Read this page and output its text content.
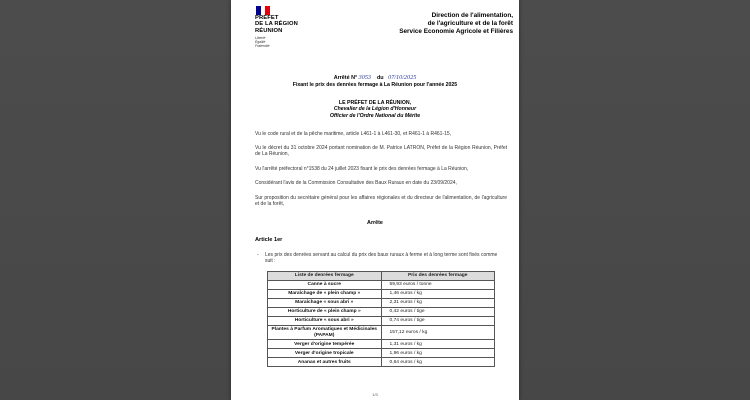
PRÉFET
DE LA RÉGION
RÉUNION
Liberté
Égalité
Fraternité
Direction de l'alimentation,
de l'agriculture et de la forêt
Service Economie Agricole et Filières
Arrêté N° 3053 du 07/10/2025
Fixant le prix des denrées fermage à La Réunion pour l'année 2025
LE PRÉFET DE LA RÉUNION,
Chevalier de la Légion d'Honneur
Officier de l'Ordre National du Mérite
Vu le code rural et de la pêche maritime, article L461-1 à L461-30, et R461-1 à R461-15,
Vu le décret du 31 octobre 2024 portant nomination de M. Patrice LATRON, Préfet de la Région Réunion, Préfet de La Réunion,
Vu l'arrêté préfectoral n°1538 du 24 juillet 2023 fixant le prix des denrées fermage à La Réunion,
Considérant l'avis de la Commission Consultative des Baux Ruraux en date du 23/09/2024,
Sur proposition du secrétaire général pour les affaires régionales et du directeur de l'alimentation, de l'agriculture et de la forêt,
Arrête
Article 1er
- Les prix des denrées servant au calcul du prix des baux ruraux à ferme et à long terme sont fixés comme suit :
Liste de denrées fermage	Prix des denrées fermage
Canne à sucre	59,93 euros / tonne
Maraîchage de « plein champ »	1,46 euros / kg
Maraîchage « sous abri »	2,31 euros / kg
Horticulture de « plein champ »	0,42 euros / tige
Horticulture « sous abri »	0,74 euros / tige
Plantes à Parfum Aromatiques et Médicinales (PAPAM)	157,12 euros / kg
Verger d'origine tempérée	1,31 euros / kg
Verger d'origine tropicale	1,96 euros / kg
Ananas et autres fruits	0,64 euros / kg
1/3
